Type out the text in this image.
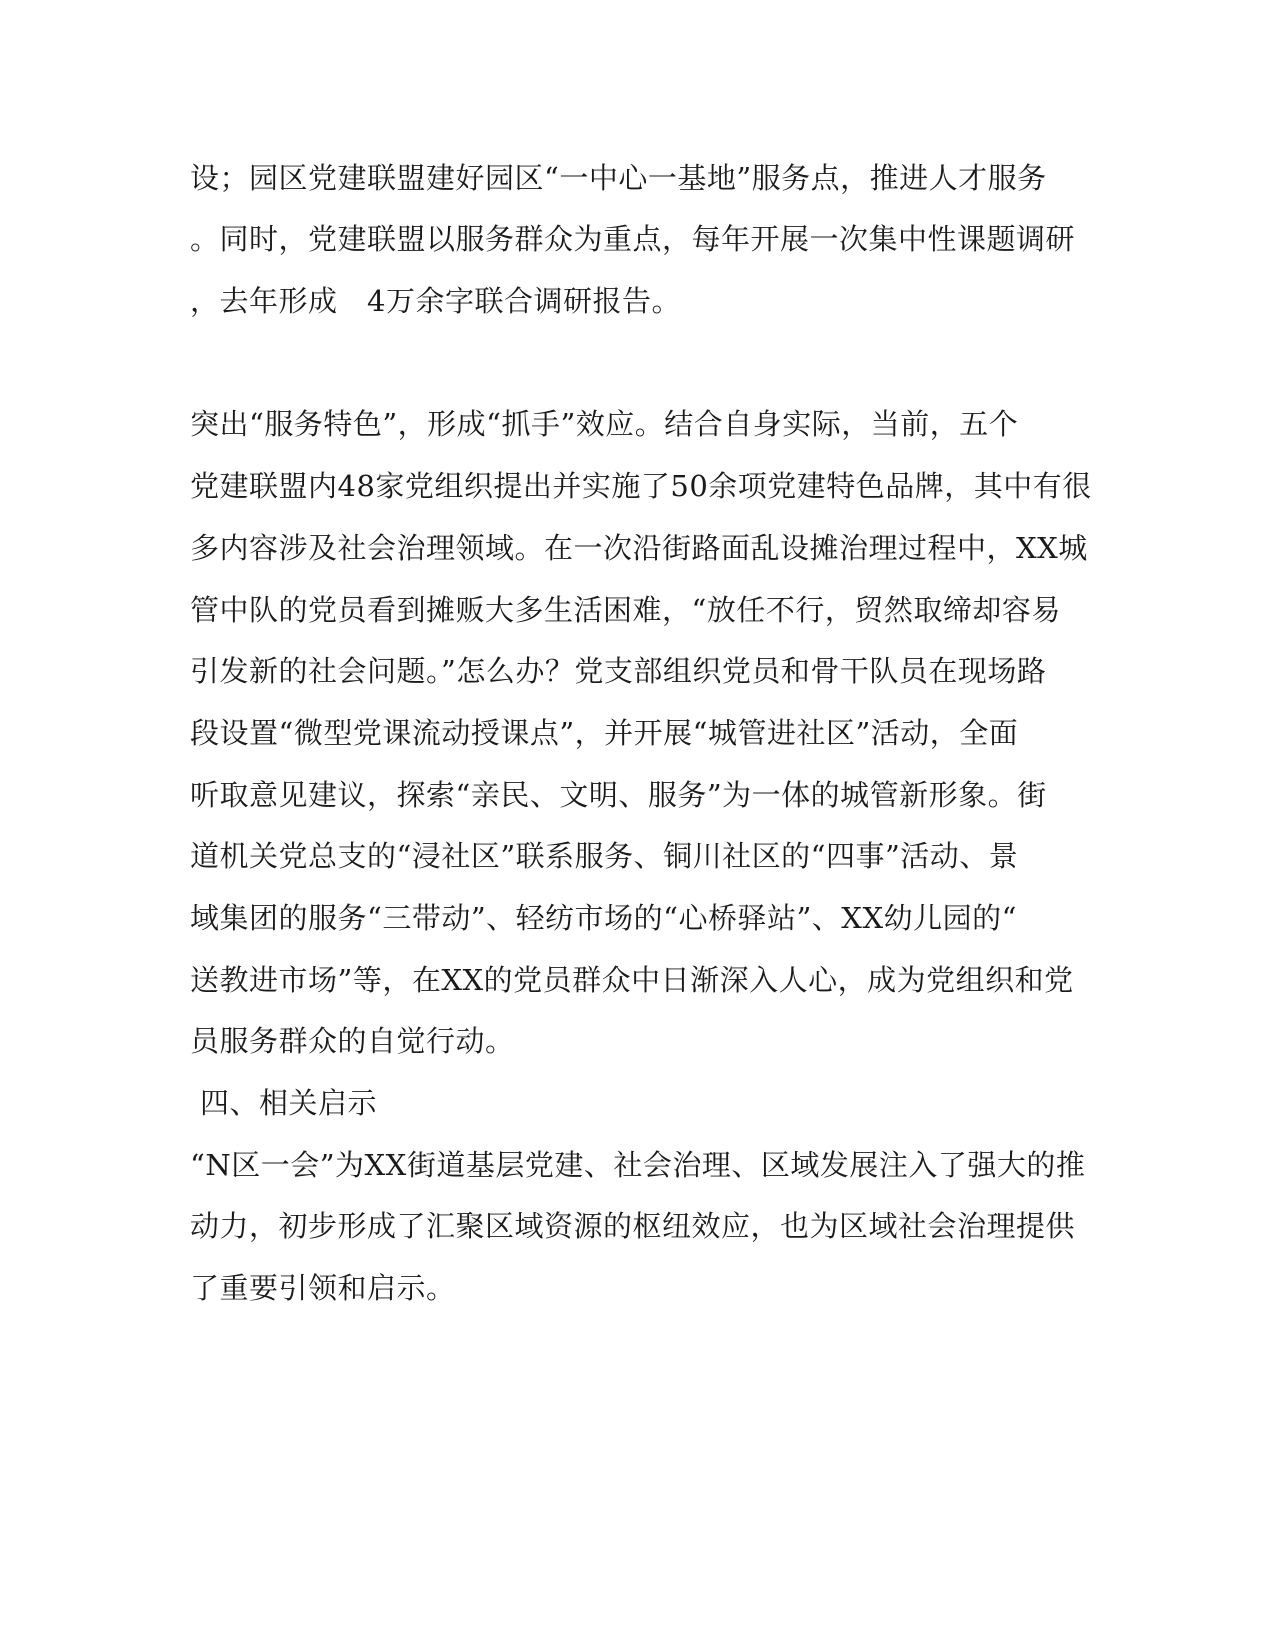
设；园区党建联盟建好园区“一中心一基地”服务点，推进人才服务
。同时，党建联盟以服务群众为重点，每年开展一次集中性课题调研
，去年形成　4万余字联合调研报告。
突出“服务特色”，形成“抓手”效应。结合自身实际，当前，五个
党建联盟内48家党组织提出并实施了50余项党建特色品牌，其中有很
多内容涉及社会治理领域。在一次沿街路面乱设摊治理过程中，XX城
管中队的党员看到摊贩大多生活困难，“放任不行，贸然取缔却容易
引发新的社会问题。”怎么办？党支部组织党员和骨干队员在现场路
段设置“微型党课流动授课点”，并开展“城管进社区”活动，全面
听取意见建议，探索“亲民、文明、服务”为一体的城管新形象。街
道机关党总支的“浸社区”联系服务、铜川社区的“四事”活动、景
域集团的服务“三带动”、轻纺市场的“心桥驿站”、XX幼儿园的“
送教进市场”等，在XX的党员群众中日渐深入人心，成为党组织和党
员服务群众的自觉行动。
四、相关启示
“N区一会”为XX街道基层党建、社会治理、区域发展注入了强大的推
动力，初步形成了汇聚区域资源的枢纽效应，也为区域社会治理提供
了重要引领和启示。
